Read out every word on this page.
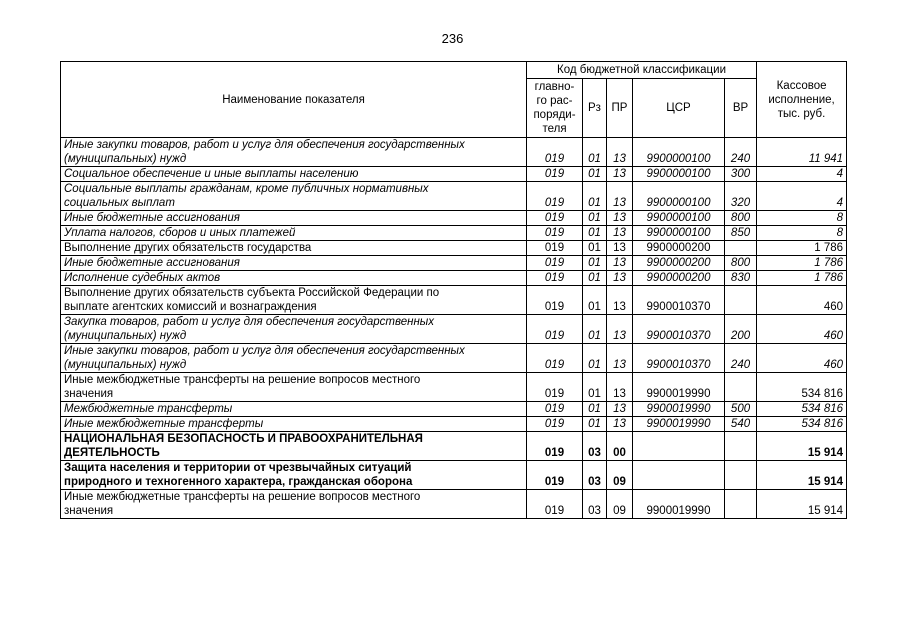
236
Наименование показателя	Код бюджетной классификации					Кассовое
исполнение,
тыс. руб.
	главно-
го рас-
поряди-
теля	Рз	ПР	ЦСР	ВР	
Иные закупки товаров, работ и услуг для обеспечения государственных
(муниципальных) нужд	019	01	13	9900000100	240	11 941
Социальное обеспечение и иные выплаты населению	019	01	13	9900000100	300	4
Социальные выплаты гражданам, кроме публичных нормативных
социальных выплат	019	01	13	9900000100	320	4
Иные бюджетные ассигнования	019	01	13	9900000100	800	8
Уплата налогов, сборов и иных платежей	019	01	13	9900000100	850	8
Выполнение других обязательств государства	019	01	13	9900000200		1 786
Иные бюджетные ассигнования	019	01	13	9900000200	800	1 786
Исполнение судебных актов	019	01	13	9900000200	830	1 786
Выполнение других обязательств субъекта Российской Федерации по
выплате агентских комиссий и вознаграждения	019	01	13	9900010370		460
Закупка товаров, работ и услуг для обеспечения государственных
(муниципальных) нужд	019	01	13	9900010370	200	460
Иные закупки товаров, работ и услуг для обеспечения государственных
(муниципальных) нужд	019	01	13	9900010370	240	460
Иные межбюджетные трансферты на решение вопросов местного
значения	019	01	13	9900019990		534 816
Межбюджетные трансферты	019	01	13	9900019990	500	534 816
Иные межбюджетные трансферты	019	01	13	9900019990	540	534 816
НАЦИОНАЛЬНАЯ БЕЗОПАСНОСТЬ И ПРАВООХРАНИТЕЛЬНАЯ
ДЕЯТЕЛЬНОСТЬ	019	03	00			15 914
Защита населения и территории от чрезвычайных ситуаций
природного и техногенного характера, гражданская оборона	019	03	09			15 914
Иные межбюджетные трансферты на решение вопросов местного
значения	019	03	09	9900019990		15 914
